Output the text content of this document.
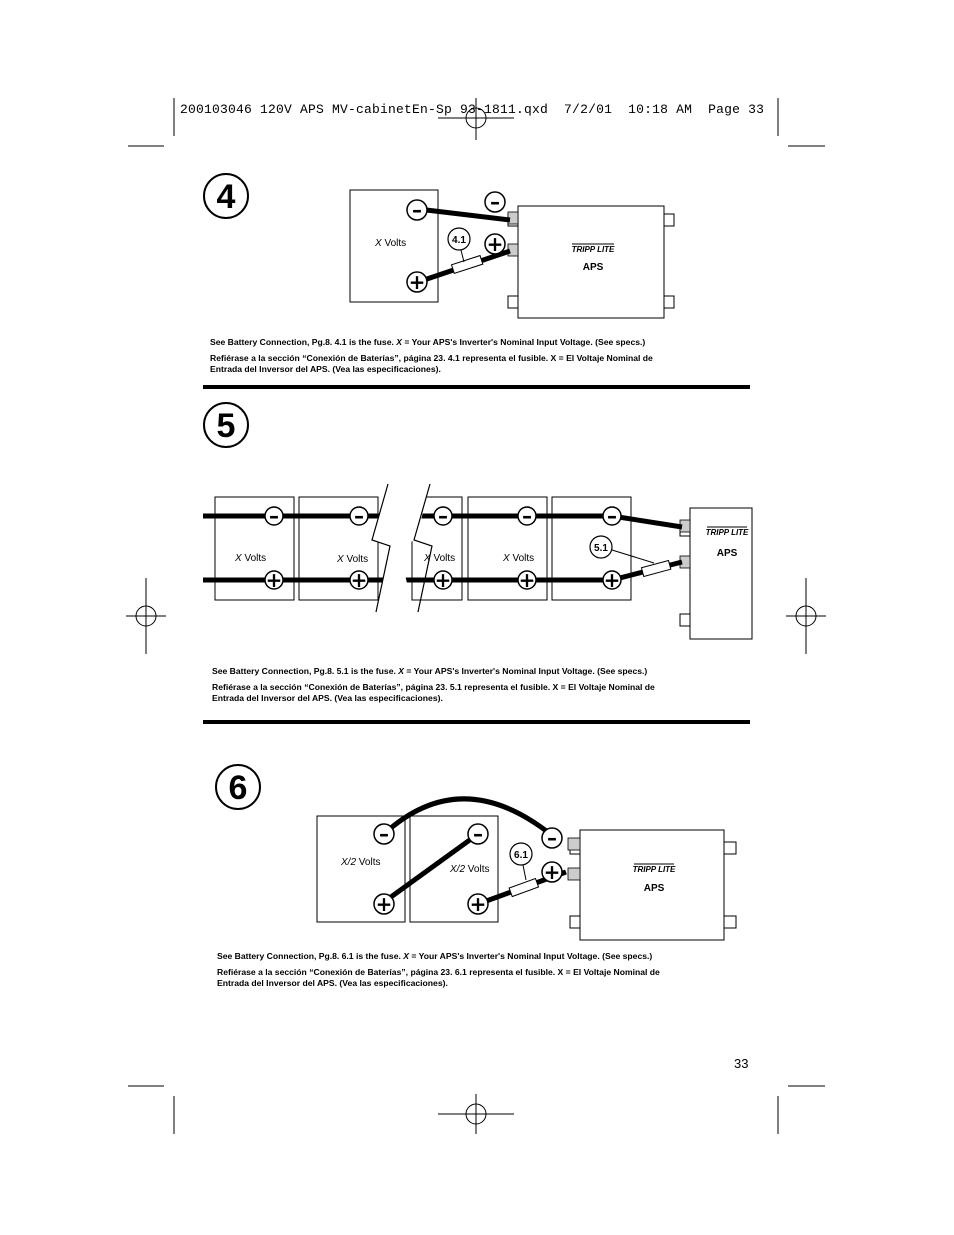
4
X Volts
TRIPP LITE
APS
–
+
–
+
4.1
5
X Volts	X Volts	X Volts	X Volts
TRIPP LITE
APS
–	–	–	–	–
+	+	+	+	+
5.1
6
X/2 Volts
X/2 Volts	TRIPP LITE
APS
–
+
–
+
–
+
6.1
200103046 120V APS MV-cabinetEn-Sp 93-1811.qxd  7/2/01  10:18 AM  Page 33
See Battery Connection, Pg.8. 4.1 is the fuse. X = Your APS's Inverter's Nominal Input Voltage. (See specs.)
Refiérase a la sección “Conexión de Baterías”, página 23. 4.1 representa el fusible. X = El Voltaje Nominal de
Entrada del Inversor del APS. (Vea las especificaciones).
See Battery Connection, Pg.8. 5.1 is the fuse. X = Your APS's Inverter's Nominal Input Voltage. (See specs.)
Refiérase a la sección “Conexión de Baterías”, página 23. 5.1 representa el fusible. X = El Voltaje Nominal de
Entrada del Inversor del APS. (Vea las especificaciones).
See Battery Connection, Pg.8. 6.1 is the fuse. X = Your APS's Inverter's Nominal Input Voltage. (See specs.)
Refiérase a la sección “Conexión de Baterías”, página 23. 6.1 representa el fusible. X = El Voltaje Nominal de
Entrada del Inversor del APS. (Vea las especificaciones).
33
